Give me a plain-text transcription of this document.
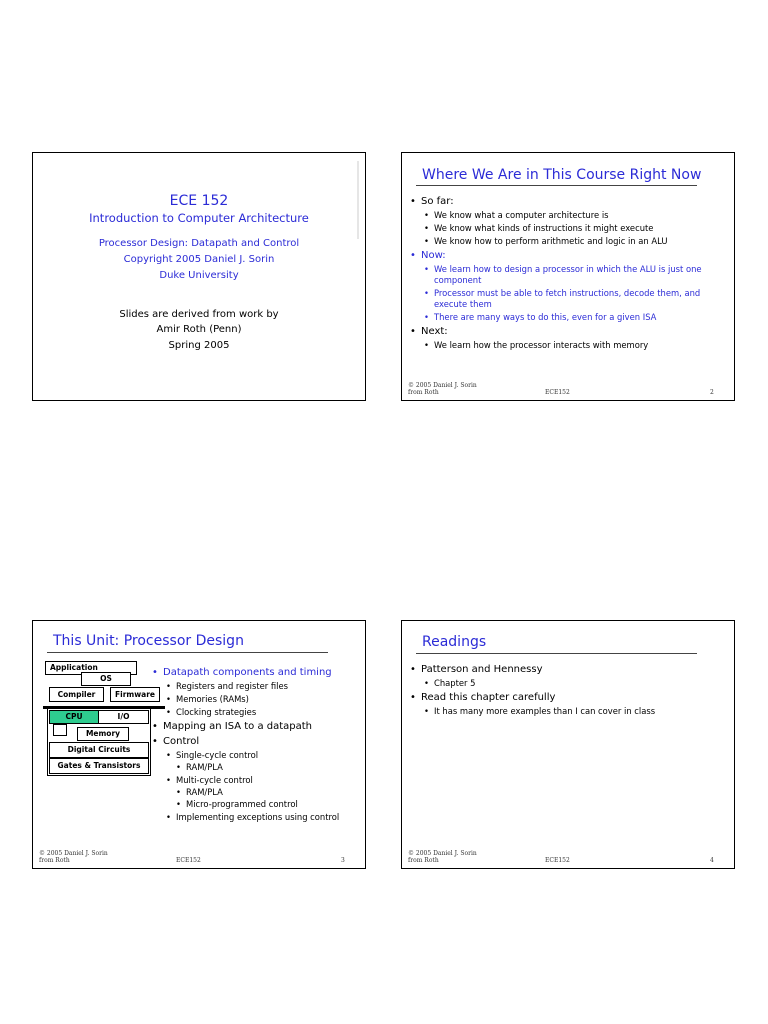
ECE 152
Introduction to Computer Architecture
Processor Design: Datapath and Control
Copyright 2005 Daniel J. Sorin
Duke University
Slides are derived from work by
Amir Roth (Penn)
Spring 2005
Where We Are in This Course Right Now
• So far:
• We know what a computer architecture is
• We know what kinds of instructions it might execute
• We know how to perform arithmetic and logic in an ALU
• Now:
• We learn how to design a processor in which the ALU is just one component
• Processor must be able to fetch instructions, decode them, and execute them
• There are many ways to do this, even for a given ISA
• Next:
• We learn how the processor interacts with memory
© 2005 Daniel J. Sorin
from Roth	ECE152	2
This Unit: Processor Design
Application
OS
Compiler	Firmware
CPU	I/O
Memory
Digital Circuits
Gates & Transistors
• Datapath components and timing
• Registers and register files
• Memories (RAMs)
• Clocking strategies
• Mapping an ISA to a datapath
• Control
• Single-cycle control
• RAM/PLA
• Multi-cycle control
• RAM/PLA
• Micro-programmed control
• Implementing exceptions using control
© 2005 Daniel J. Sorin
from Roth	ECE152	3
Readings
• Patterson and Hennessy
• Chapter 5
• Read this chapter carefully
• It has many more examples than I can cover in class
© 2005 Daniel J. Sorin
from Roth	ECE152	4
